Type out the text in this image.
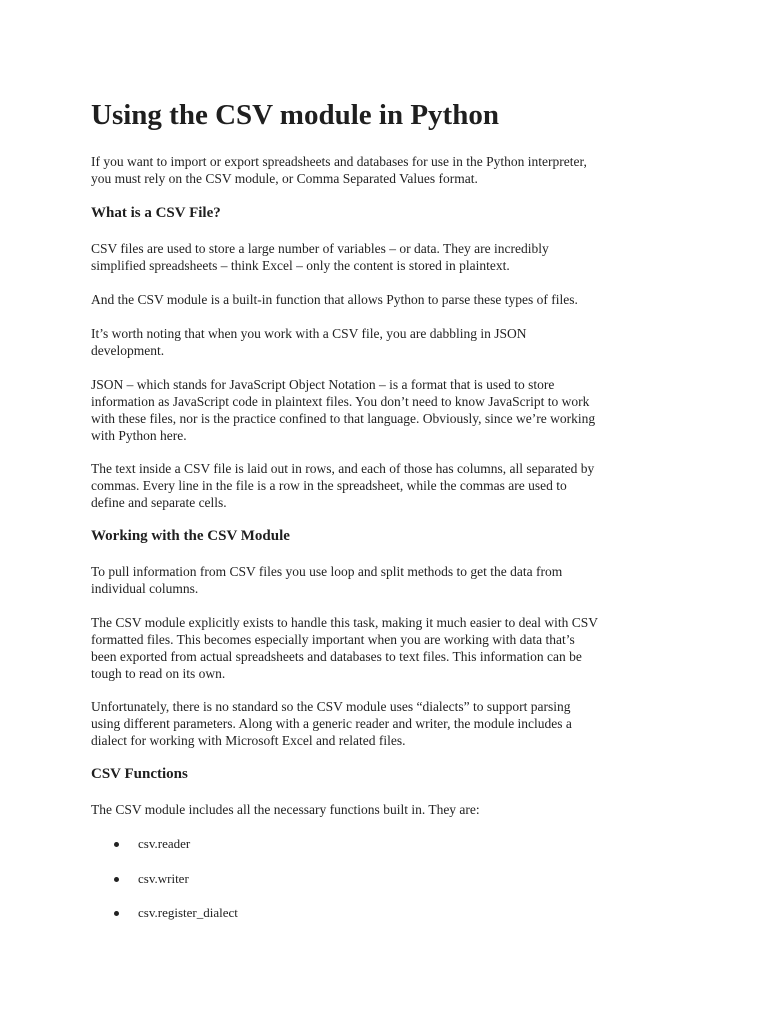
Using the CSV module in Python

If you want to import or export spreadsheets and databases for use in the Python interpreter,
you must rely on the CSV module, or Comma Separated Values format.

What is a CSV File?

CSV files are used to store a large number of variables – or data. They are incredibly
simplified spreadsheets – think Excel – only the content is stored in plaintext.

And the CSV module is a built-in function that allows Python to parse these types of files.

It’s worth noting that when you work with a CSV file, you are dabbling in JSON
development.

JSON – which stands for JavaScript Object Notation – is a format that is used to store
information as JavaScript code in plaintext files. You don’t need to know JavaScript to work
with these files, nor is the practice confined to that language. Obviously, since we’re working
with Python here.

The text inside a CSV file is laid out in rows, and each of those has columns, all separated by
commas. Every line in the file is a row in the spreadsheet, while the commas are used to
define and separate cells.

Working with the CSV Module

To pull information from CSV files you use loop and split methods to get the data from
individual columns.

The CSV module explicitly exists to handle this task, making it much easier to deal with CSV
formatted files. This becomes especially important when you are working with data that’s
been exported from actual spreadsheets and databases to text files. This information can be
tough to read on its own.

Unfortunately, there is no standard so the CSV module uses “dialects” to support parsing
using different parameters. Along with a generic reader and writer, the module includes a
dialect for working with Microsoft Excel and related files.

CSV Functions

The CSV module includes all the necessary functions built in. They are:

csv.reader
csv.writer
csv.register_dialect
